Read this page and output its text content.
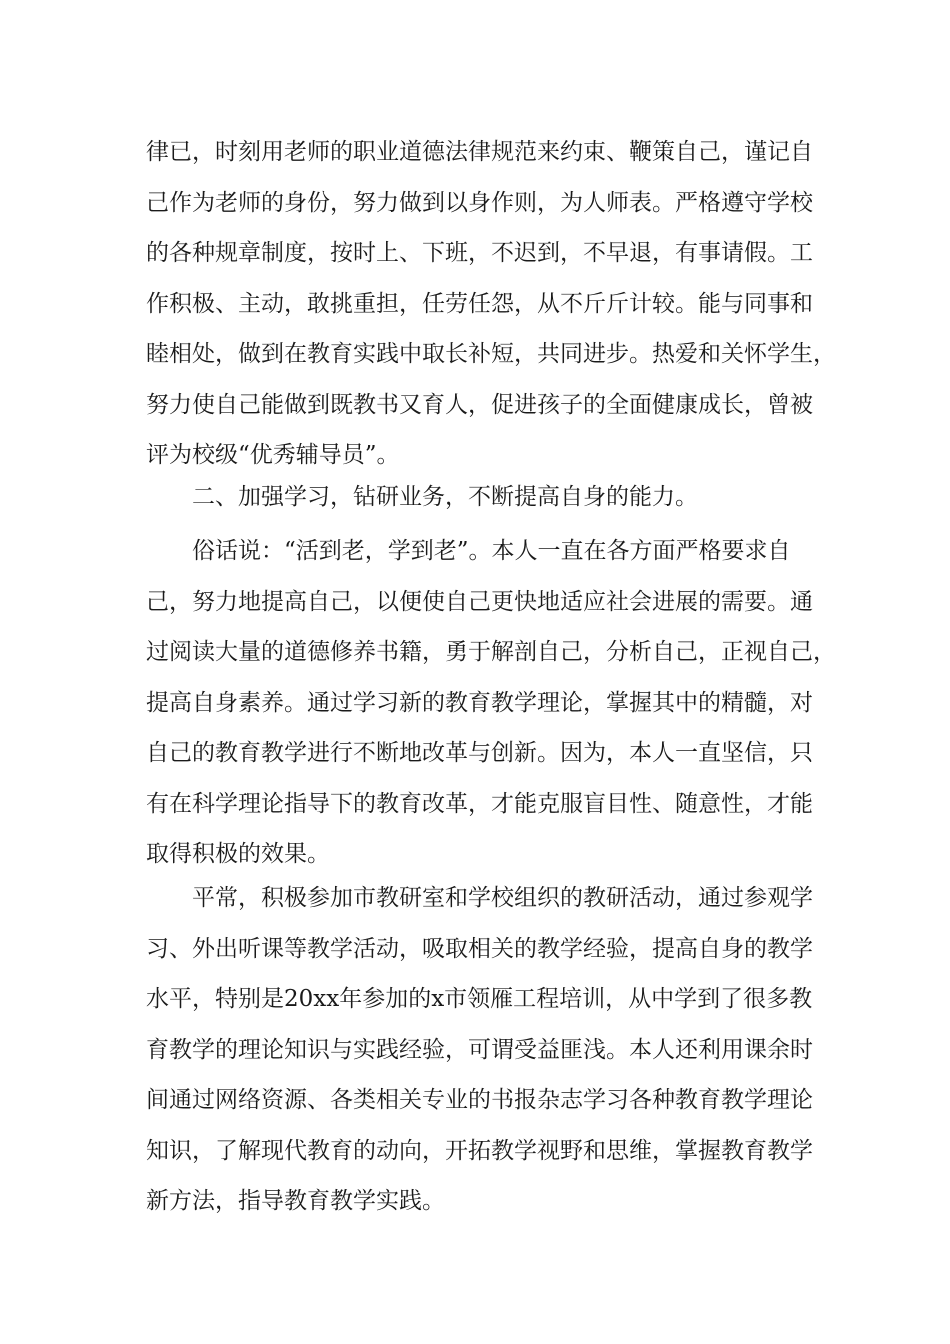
律已，时刻用老师的职业道德法律规范来约束、鞭策自己，谨记自
己作为老师的身份，努力做到以身作则，为人师表。严格遵守学校
的各种规章制度，按时上、下班，不迟到，不早退，有事请假。工
作积极、主动，敢挑重担，任劳任怨，从不斤斤计较。能与同事和
睦相处，做到在教育实践中取长补短，共同进步。热爱和关怀学生，
努力使自己能做到既教书又育人，促进孩子的全面健康成长，曾被
评为校级“优秀辅导员”。
二、加强学习，钻研业务，不断提高自身的能力。
俗话说：“活到老，学到老”。本人一直在各方面严格要求自
己，努力地提高自己，以便使自己更快地适应社会进展的需要。通
过阅读大量的道德修养书籍，勇于解剖自己，分析自己，正视自己，
提高自身素养。通过学习新的教育教学理论，掌握其中的精髓，对
自己的教育教学进行不断地改革与创新。因为，本人一直坚信，只
有在科学理论指导下的教育改革，才能克服盲目性、随意性，才能
取得积极的效果。
平常，积极参加市教研室和学校组织的教研活动，通过参观学
习、外出听课等教学活动，吸取相关的教学经验，提高自身的教学
水平，特别是20xx年参加的x市领雁工程培训，从中学到了很多教
育教学的理论知识与实践经验，可谓受益匪浅。本人还利用课余时
间通过网络资源、各类相关专业的书报杂志学习各种教育教学理论
知识，了解现代教育的动向，开拓教学视野和思维，掌握教育教学
新方法，指导教育教学实践。
